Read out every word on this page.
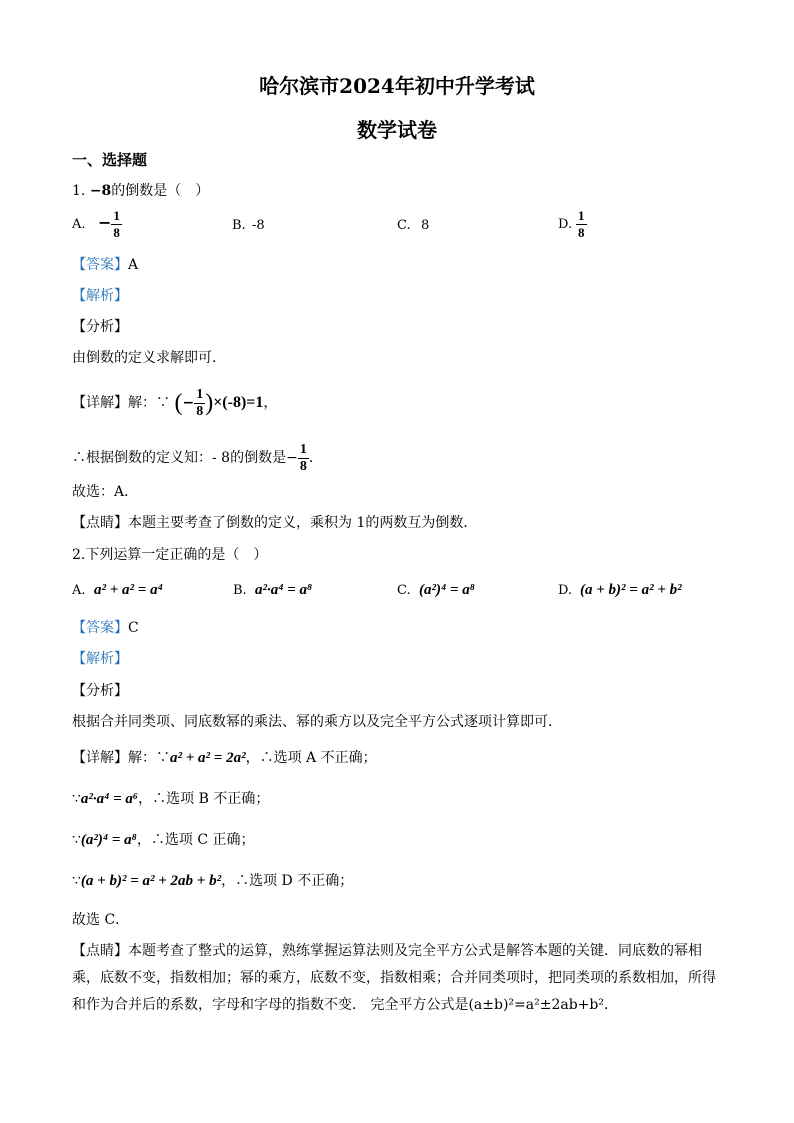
哈尔滨市2024年初中升学考试
数学试卷
一、选择题
1. −8的倒数是（　）
A. − $\frac{1}{8}$	B. -8	C. 8	D. $\frac{1}{8}$
【答案】A
【解析】
【分析】
由倒数的定义求解即可.
【详解】解：∵ (− $\frac{1}{8} )\times(-8)=1$，
∴根据倒数的定义知：- 8的倒数是− $\frac{1}{8}$ .
故选：A．
【点睛】本题主要考查了倒数的定义，乘积为 1的两数互为倒数．
2.下列运算一定正确的是（　）
A. a² + a² = a⁴	B. a²·a⁴ = a⁸	C. (a²)⁴ = a⁸	D. (a + b)² = a² + b²
【答案】C
【解析】
【分析】
根据合并同类项、同底数幂的乘法、幂的乘方以及完全平方公式逐项计算即可．
【详解】解：∵a² + a² = 2a²，∴选项 A 不正确；
∵a²·a⁴ = a⁶，∴选项 B 不正确；
∵(a²)⁴ = a⁸，∴选项 C 正确；
∵(a + b)² = a² + 2ab + b²，∴选项 D 不正确；
故选 C．
【点睛】本题考查了整式的运算，熟练掌握运算法则及完全平方公式是解答本题的关键．同底数的幂相乘，底数不变，指数相加；幂的乘方，底数不变，指数相乘；合并同类项时，把同类项的系数相加，所得和作为合并后的系数，字母和字母的指数不变． 完全平方公式是(a±b)²=a²±2ab+b²．
